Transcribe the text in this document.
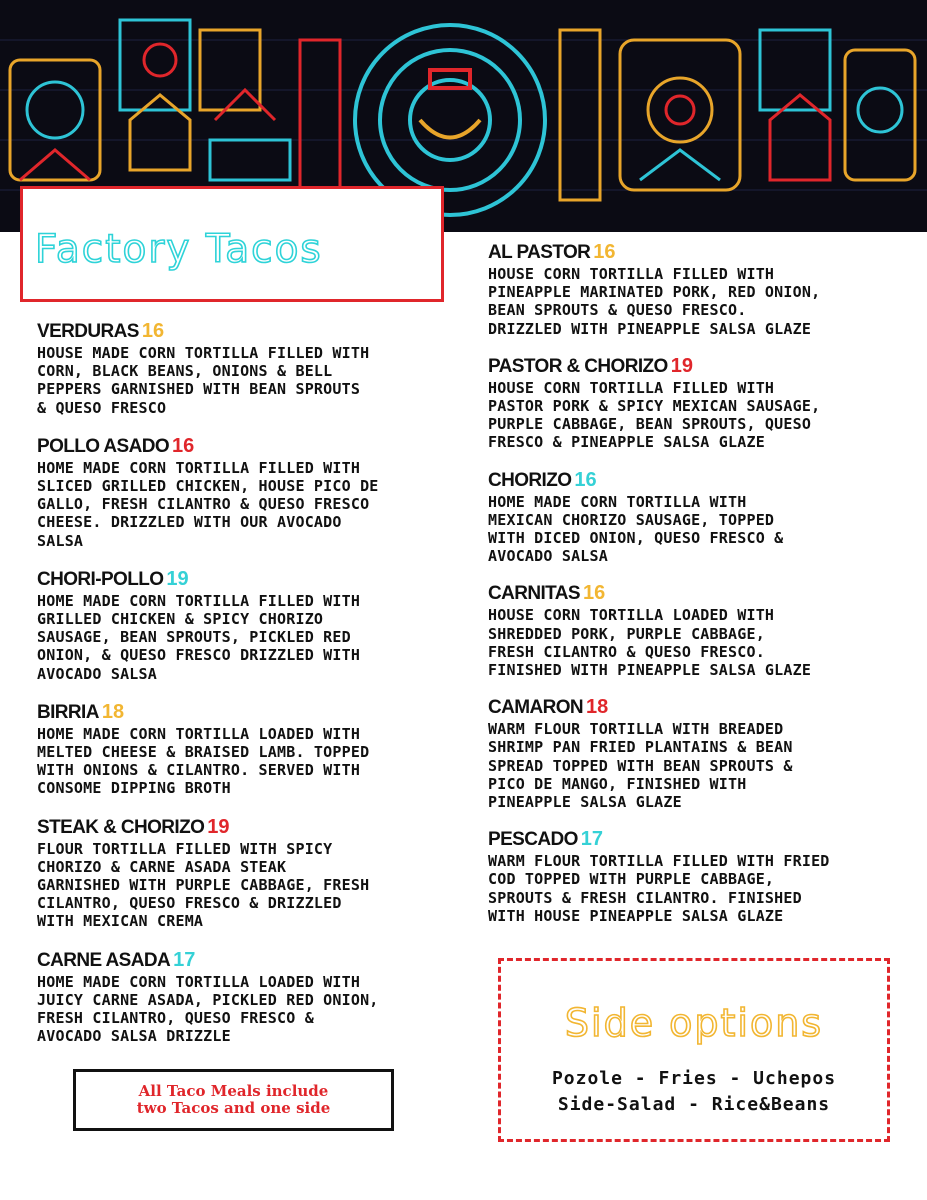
Factory Tacos
VERDURAS 16
HOUSE MADE CORN TORTILLA FILLED WITH
CORN, BLACK BEANS, ONIONS & BELL
PEPPERS GARNISHED WITH BEAN SPROUTS
& QUESO FRESCO
POLLO ASADO 16
HOME MADE CORN TORTILLA FILLED WITH
SLICED GRILLED CHICKEN, HOUSE PICO DE
GALLO, FRESH CILANTRO & QUESO FRESCO
CHEESE. DRIZZLED WITH OUR AVOCADO
SALSA
CHORI-POLLO 19
HOME MADE CORN TORTILLA FILLED WITH
GRILLED CHICKEN & SPICY CHORIZO
SAUSAGE, BEAN SPROUTS, PICKLED RED
ONION, & QUESO FRESCO DRIZZLED WITH
AVOCADO SALSA
BIRRIA 18
HOME MADE CORN TORTILLA LOADED WITH
MELTED CHEESE & BRAISED LAMB. TOPPED
WITH ONIONS & CILANTRO. SERVED WITH
CONSOME DIPPING BROTH
STEAK & CHORIZO 19
FLOUR TORTILLA FILLED WITH SPICY
CHORIZO & CARNE ASADA STEAK
GARNISHED WITH PURPLE CABBAGE, FRESH
CILANTRO, QUESO FRESCO & DRIZZLED
WITH MEXICAN CREMA
CARNE ASADA 17
HOME MADE CORN TORTILLA LOADED WITH
JUICY CARNE ASADA, PICKLED RED ONION,
FRESH CILANTRO, QUESO FRESCO &
AVOCADO SALSA DRIZZLE
AL PASTOR 16
HOUSE CORN TORTILLA FILLED WITH
PINEAPPLE MARINATED PORK, RED ONION,
BEAN SPROUTS & QUESO FRESCO.
DRIZZLED WITH PINEAPPLE SALSA GLAZE
PASTOR & CHORIZO 19
HOUSE CORN TORTILLA FILLED WITH
PASTOR PORK & SPICY MEXICAN SAUSAGE,
PURPLE CABBAGE, BEAN SPROUTS, QUESO
FRESCO & PINEAPPLE SALSA GLAZE
CHORIZO 16
HOME MADE CORN TORTILLA WITH
MEXICAN CHORIZO SAUSAGE, TOPPED
WITH DICED ONION, QUESO FRESCO &
AVOCADO SALSA
CARNITAS 16
HOUSE CORN TORTILLA LOADED WITH
SHREDDED PORK, PURPLE CABBAGE,
FRESH CILANTRO & QUESO FRESCO.
FINISHED WITH PINEAPPLE SALSA GLAZE
CAMARON 18
WARM FLOUR TORTILLA WITH BREADED
SHRIMP PAN FRIED PLANTAINS & BEAN
SPREAD TOPPED WITH BEAN SPROUTS &
PICO DE MANGO, FINISHED WITH
PINEAPPLE SALSA GLAZE
PESCADO 17
WARM FLOUR TORTILLA FILLED WITH FRIED
COD TOPPED WITH PURPLE CABBAGE,
SPROUTS & FRESH CILANTRO. FINISHED
WITH HOUSE PINEAPPLE SALSA GLAZE
All Taco Meals include
two Tacos and one side
Side options
Pozole - Fries - Uchepos
Side-Salad - Rice&Beans
